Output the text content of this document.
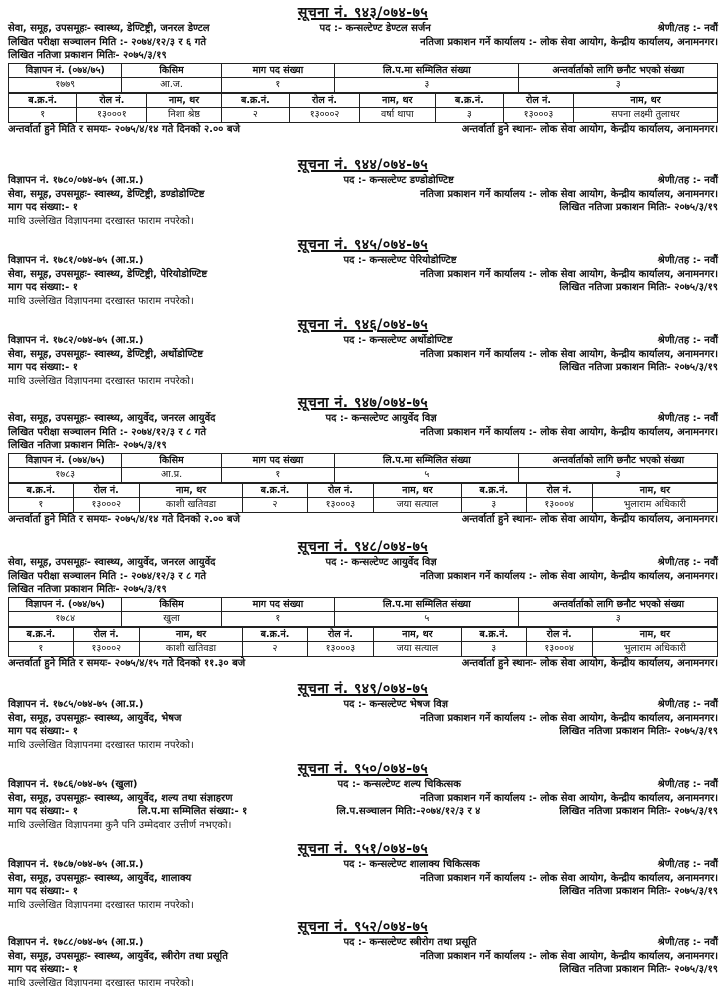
सूचना नं. ९४३/०७४-७५
सेवा, समूह, उपसमूहः- स्वास्थ्य, डेण्टिष्ट्री, जनरल डेण्टल	पद :- कन्सल्टेण्ट डेण्टल सर्जन	श्रेणी/तह :- नवौं
लिखित परीक्षा सञ्चालन मिति :- २०७४/१२/३ र ६ गते	नतिजा प्रकाशन गर्ने कार्यालय :- लोक सेवा आयोग, केन्द्रीय कार्यालय, अनामनगर।
लिखित नतिजा प्रकाशन मितिः- २०७५/३/१९
विज्ञापन नं. (०७४/७५)	किसिम	माग पद संख्या	लि.प.मा सम्मिलित संख्या	अन्तर्वार्ताको लागि छनौट भएको संख्या
१७७९	आ.ज.	१	३	३
ब.क्र.नं.	रोल नं.	नाम, थर	ब.क्र.नं.	रोल नं.	नाम, थर	ब.क्र.नं.	रोल नं.	नाम, थर
१	१३०००१	निशा श्रेष्ठ	२	१३०००२	वर्षा थापा	३	१३०००३	सपना लक्ष्मी तुलाधर
अन्तर्वार्ता हुने मिति र समयः- २०७५/४/१४ गते दिनको २.०० बजे	अन्तर्वार्ता हुने स्थानः- लोक सेवा आयोग, केन्द्रीय कार्यालय, अनामनगर।
सूचना नं. ९४४/०७४-७५
विज्ञापन नं. १७८०/०७४-७५ (आ.प्र.)	पद :- कन्सल्टेण्ट डण्डोडोण्टिष्ट	श्रेणी/तह :- नवौं
सेवा, समूह, उपसमूहः- स्वास्थ्य, डेण्टिष्ट्री, डण्डोडोण्टिष्ट	नतिजा प्रकाशन गर्ने कार्यालय :- लोक सेवा आयोग, केन्द्रीय कार्यालय, अनामनगर।
माग पद संख्या:- १	लिखित नतिजा प्रकाशन मितिः- २०७५/३/१९
माथि उल्लेखित विज्ञापनमा दरखास्त फाराम नपरेको।
सूचना नं. ९४५/०७४-७५
विज्ञापन नं. १७८१/०७४-७५ (आ.प्र.)	पद :- कन्सल्टेण्ट पेरियोडोण्टिष्ट	श्रेणी/तह :- नवौं
सेवा, समूह, उपसमूहः- स्वास्थ्य, डेण्टिष्ट्री, पेरियोडोण्टिष्ट	नतिजा प्रकाशन गर्ने कार्यालय :- लोक सेवा आयोग, केन्द्रीय कार्यालय, अनामनगर।
माग पद संख्या:- १	लिखित नतिजा प्रकाशन मितिः- २०७५/३/१९
माथि उल्लेखित विज्ञापनमा दरखास्त फाराम नपरेको।
सूचना नं. ९४६/०७४-७५
विज्ञापन नं. १७८२/०७४-७५ (आ.प्र.)	पद :- कन्सल्टेण्ट अर्थोडोण्टिष्ट	श्रेणी/तह :- नवौं
सेवा, समूह, उपसमूहः- स्वास्थ्य, डेण्टिष्ट्री, अर्थोडोण्टिष्ट	नतिजा प्रकाशन गर्ने कार्यालय :- लोक सेवा आयोग, केन्द्रीय कार्यालय, अनामनगर।
माग पद संख्या:- १	लिखित नतिजा प्रकाशन मितिः- २०७५/३/१९
माथि उल्लेखित विज्ञापनमा दरखास्त फाराम नपरेको।
सूचना नं. ९४७/०७४-७५
सेवा, समूह, उपसमूहः- स्वास्थ्य, आयुर्वेद, जनरल आयुर्वेद	पद :- कन्सल्टेण्ट आयुर्वेद विज्ञ	श्रेणी/तह :- नवौं
लिखित परीक्षा सञ्चालन मिति :- २०७४/१२/३ र ८ गते	नतिजा प्रकाशन गर्ने कार्यालय :- लोक सेवा आयोग, केन्द्रीय कार्यालय, अनामनगर।
लिखित नतिजा प्रकाशन मितिः- २०७५/३/१९
विज्ञापन नं. (०७४/७५)	किसिम	माग पद संख्या	लि.प.मा सम्मिलित संख्या	अन्तर्वार्ताको लागि छनौट भएको संख्या
१७८३	आ.प्र.	१	५	३
ब.क्र.नं.	रोल नं.	नाम, थर	ब.क्र.नं.	रोल नं.	नाम, थर	ब.क्र.नं.	रोल नं.	नाम, थर
१	१३०००२	काशी खतिवडा	२	१३०००३	जया सत्याल	३	१३०००४	भुलाराम अधिकारी
अन्तर्वार्ता हुने मिति र समयः- २०७५/४/१४ गते दिनको २.०० बजे	अन्तर्वार्ता हुने स्थानः- लोक सेवा आयोग, केन्द्रीय कार्यालय, अनामनगर।
सूचना नं. ९४८/०७४-७५
सेवा, समूह, उपसमूहः- स्वास्थ्य, आयुर्वेद, जनरल आयुर्वेद	पद :- कन्सल्टेण्ट आयुर्वेद विज्ञ	श्रेणी/तह :- नवौं
लिखित परीक्षा सञ्चालन मिति :- २०७४/१२/३ र ८ गते	नतिजा प्रकाशन गर्ने कार्यालय :- लोक सेवा आयोग, केन्द्रीय कार्यालय, अनामनगर।
लिखित नतिजा प्रकाशन मितिः- २०७५/३/१९
विज्ञापन नं. (०७४/७५)	किसिम	माग पद संख्या	लि.प.मा सम्मिलित संख्या	अन्तर्वार्ताको लागि छनौट भएको संख्या
१७८४	खुला	१	५	३
ब.क्र.नं.	रोल नं.	नाम, थर	ब.क्र.नं.	रोल नं.	नाम, थर	ब.क्र.नं.	रोल नं.	नाम, थर
१	१३०००२	काशी खतिवडा	२	१३०००३	जया सत्याल	३	१३०००४	भुलाराम अधिकारी
अन्तर्वार्ता हुने मिति र समयः- २०७५/४/१५ गते दिनको ११.३० बजे	अन्तर्वार्ता हुने स्थानः- लोक सेवा आयोग, केन्द्रीय कार्यालय, अनामनगर।
सूचना नं. ९४९/०७४-७५
विज्ञापन नं. १७८५/०७४-७५ (आ.प्र.)	पद :- कन्सल्टेण्ट भेषज विज्ञ	श्रेणी/तह :- नवौं
सेवा, समूह, उपसमूहः- स्वास्थ्य, आयुर्वेद, भेषज	नतिजा प्रकाशन गर्ने कार्यालय :- लोक सेवा आयोग, केन्द्रीय कार्यालय, अनामनगर।
माग पद संख्या:- १	लिखित नतिजा प्रकाशन मितिः- २०७५/३/१९
माथि उल्लेखित विज्ञापनमा दरखास्त फाराम नपरेको।
सूचना नं. ९५०/०७४-७५
विज्ञापन नं. १७८६/०७४-७५ (खुला)	पद :- कन्सल्टेण्ट शल्य चिकित्सक	श्रेणी/तह :- नवौं
सेवा, समूह, उपसमूहः- स्वास्थ्य, आयुर्वेद, शल्य तथा संज्ञाहरण	नतिजा प्रकाशन गर्ने कार्यालय :- लोक सेवा आयोग, केन्द्रीय कार्यालय, अनामनगर।
माग पद संख्या:- १	लि.प.मा सम्मिलित संख्या:- १	लि.प.सञ्चालन मिति:-२०७४/१२/३ र ४	लिखित नतिजा प्रकाशन मितिः- २०७५/३/१९
माथि उल्लेखित विज्ञापनमा कुनै पनि उम्मेदवार उत्तीर्ण नभएको।
सूचना नं. ९५१/०७४-७५
विज्ञापन नं. १७८७/०७४-७५ (आ.प्र.)	पद :- कन्सल्टेण्ट शालाक्य चिकित्सक	श्रेणी/तह :- नवौं
सेवा, समूह, उपसमूहः- स्वास्थ्य, आयुर्वेद, शालाक्य	नतिजा प्रकाशन गर्ने कार्यालय :- लोक सेवा आयोग, केन्द्रीय कार्यालय, अनामनगर।
माग पद संख्या:- १	लिखित नतिजा प्रकाशन मितिः- २०७५/३/१९
माथि उल्लेखित विज्ञापनमा दरखास्त फाराम नपरेको।
सूचना नं. ९५२/०७४-७५
विज्ञापन नं. १७८८/०७४-७५ (आ.प्र.)	पद :- कन्सल्टेण्ट स्त्रीरोग तथा प्रसूति	श्रेणी/तह :- नवौं
सेवा, समूह, उपसमूहः- स्वास्थ्य, आयुर्वेद, स्त्रीरोग तथा प्रसूति	नतिजा प्रकाशन गर्ने कार्यालय :- लोक सेवा आयोग, केन्द्रीय कार्यालय, अनामनगर।
माग पद संख्या:- १	लिखित नतिजा प्रकाशन मितिः- २०७५/३/१९
माथि उल्लेखित विज्ञापनमा दरखास्त फाराम नपरेको।
